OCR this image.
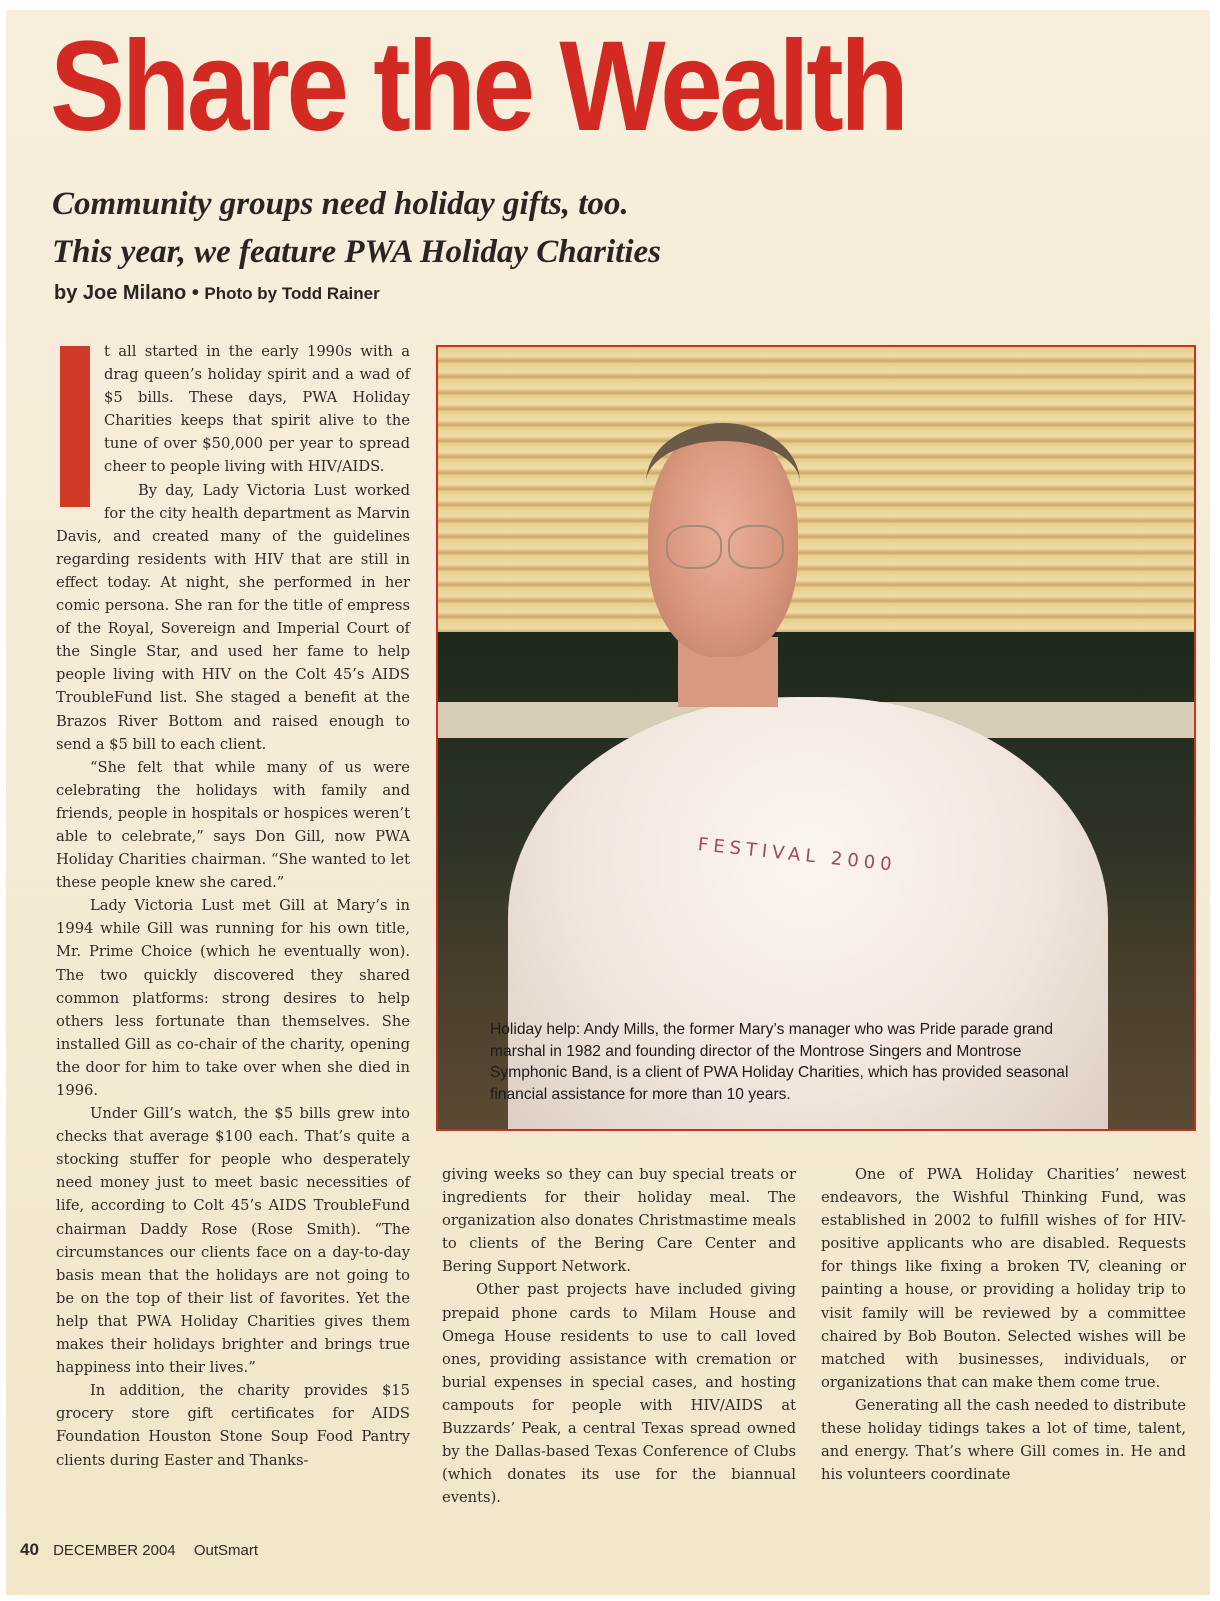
Share the Wealth
Community groups need holiday gifts, too.
This year, we feature PWA Holiday Charities
by Joe Milano • Photo by Todd Rainer

t all started in the early 1990s with a drag queen’s holiday spirit and a wad of $5 bills. These days, PWA Holiday Charities keeps that spirit alive to the tune of over $50,000 per year to spread cheer to people living with HIV/AIDS.

By day, Lady Victoria Lust worked for the city health department as Marvin Davis, and created many of the guidelines regarding residents with HIV that are still in effect today. At night, she performed in her comic persona. She ran for the title of empress of the Royal, Sovereign and Imperial Court of the Single Star, and used her fame to help people living with HIV on the Colt 45’s AIDS TroubleFund list. She staged a benefit at the Brazos River Bottom and raised enough to send a $5 bill to each client.

“She felt that while many of us were celebrating the holidays with family and friends, people in hospitals or hospices weren’t able to celebrate,” says Don Gill, now PWA Holiday Charities chairman. “She wanted to let these people knew she cared.”

Lady Victoria Lust met Gill at Mary’s in 1994 while Gill was running for his own title, Mr. Prime Choice (which he eventually won). The two quickly discovered they shared common platforms: strong desires to help others less fortunate than themselves. She installed Gill as co-chair of the charity, opening the door for him to take over when she died in 1996.

Under Gill’s watch, the $5 bills grew into checks that average $100 each. That’s quite a stocking stuffer for people who desperately need money just to meet basic necessities of life, according to Colt 45’s AIDS TroubleFund chairman Daddy Rose (Rose Smith). “The circumstances our clients face on a day-to-day basis mean that the holidays are not going to be on the top of their list of favorites. Yet the help that PWA Holiday Charities gives them makes their holidays brighter and brings true happiness into their lives.”

In addition, the charity provides $15 grocery store gift certificates for AIDS Foundation Houston Stone Soup Food Pantry clients during Easter and Thanks-

FESTIVAL 2000
Holiday help: Andy Mills, the former Mary’s manager who was Pride parade grand marshal in 1982 and founding director of the Montrose Singers and Montrose Symphonic Band, is a client of PWA Holiday Charities, which has provided seasonal financial assistance for more than 10 years.

giving weeks so they can buy special treats or ingredients for their holiday meal. The organization also donates Christmastime meals to clients of the Bering Care Center and Bering Support Network.

Other past projects have included giving prepaid phone cards to Milam House and Omega House residents to use to call loved ones, providing assistance with cremation or burial expenses in special cases, and hosting campouts for people with HIV/AIDS at Buzzards’ Peak, a central Texas spread owned by the Dallas-based Texas Conference of Clubs (which donates its use for the biannual events).

One of PWA Holiday Charities’ newest endeavors, the Wishful Thinking Fund, was established in 2002 to fulfill wishes of for HIV-positive applicants who are disabled. Requests for things like fixing a broken TV, cleaning or painting a house, or providing a holiday trip to visit family will be reviewed by a committee chaired by Bob Bouton. Selected wishes will be matched with businesses, individuals, or organizations that can make them come true.

Generating all the cash needed to distribute these holiday tidings takes a lot of time, talent, and energy. That’s where Gill comes in. He and his volunteers coordinate

40 DECEMBER 2004 OutSmart
